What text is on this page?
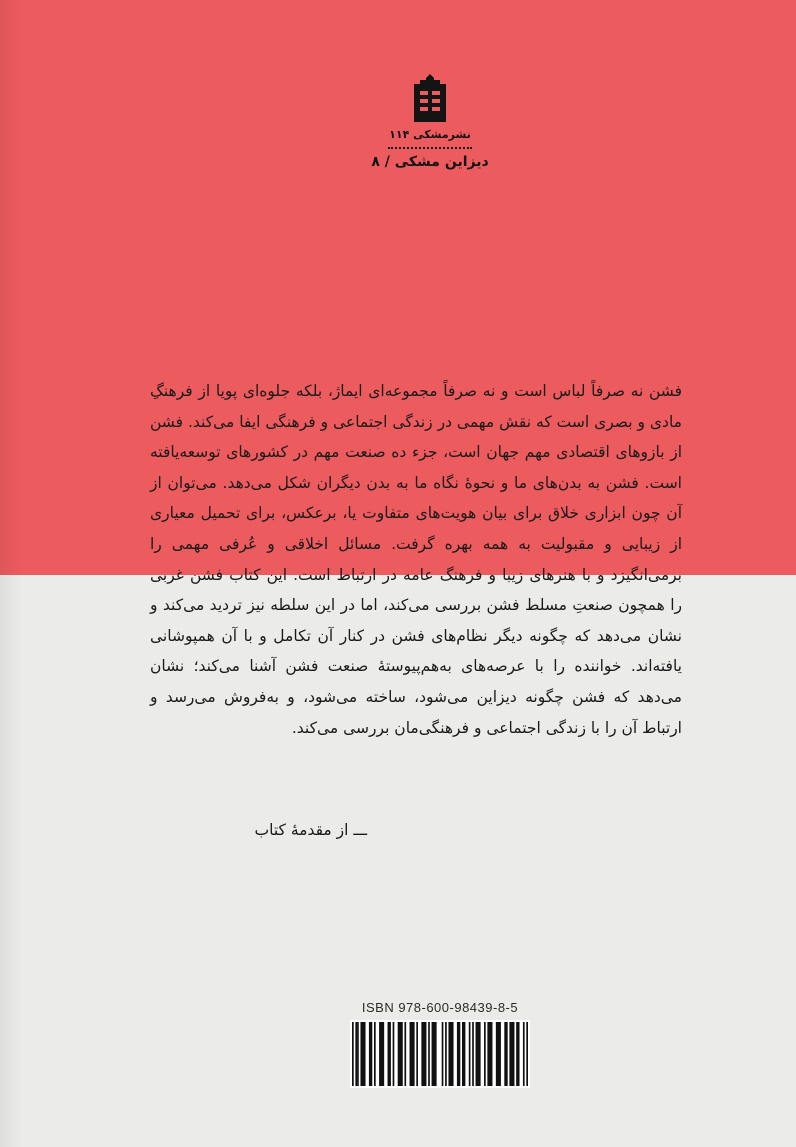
نشرمشکی ۱۱۴
دیزاین مشکی / ۸

فشن نه صرفاً لباس است و نه صرفاً مجموعه‌ای ایماژ، بلکه جلوه‌ای پویا از فرهنگِ مادی و بصری است که نقش مهمی در زندگی اجتماعی و فرهنگی ایفا می‌کند. فشن از بازوهای اقتصادی مهم جهان است، جزء ده صنعت مهم در کشورهای توسعه‌یافته است. فشن به بدن‌های ما و نحوهٔ نگاه ما به بدن دیگران شکل می‌دهد. می‌توان از آن چون ابزاری خلاق برای بیان هویت‌های متفاوت یا، برعکس، برای تحمیل معیاری از زیبایی و مقبولیت به همه بهره گرفت. مسائل اخلاقی و عُرفی مهمی را برمی‌انگیزد و با هنرهای زیبا و فرهنگ عامه در ارتباط است. این کتاب فشن غربی را همچون صنعتِ مسلط فشن بررسی می‌کند، اما در این سلطه نیز تردید می‌کند و نشان می‌دهد که چگونه دیگر نظام‌های فشن در کنار آن تکامل و با آن همپوشانی یافته‌اند. خواننده را با عرصه‌های به‌هم‌پیوستهٔ صنعت فشن آشنا می‌کند؛ نشان می‌دهد که فشن چگونه دیزاین می‌شود، ساخته می‌شود، و به‌فروش می‌رسد و ارتباط آن را با زندگی اجتماعی و فرهنگی‌مان بررسی می‌کند.

ـــ از مقدمهٔ کتاب
ISBN 978-600-98439-8-5
